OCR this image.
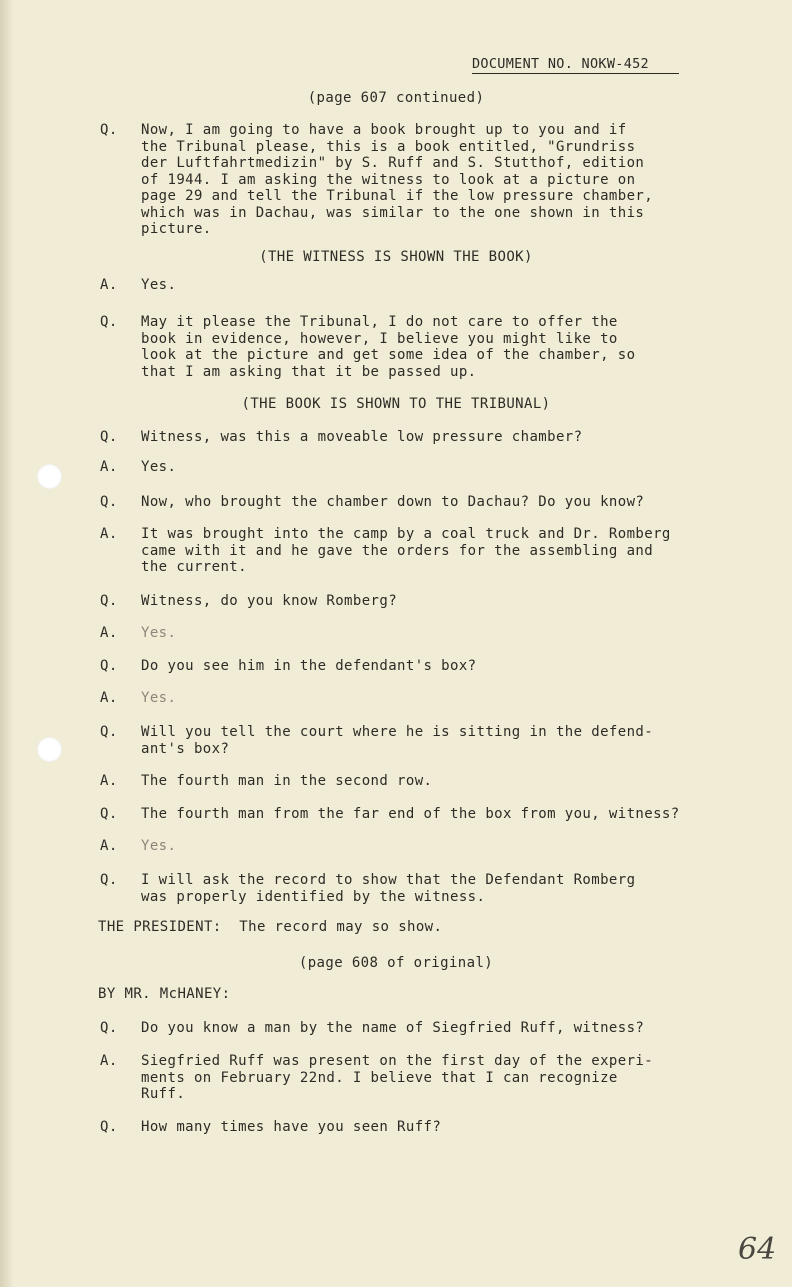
DOCUMENT NO. NOKW-452
(page 607 continued)
Q. Now, I am going to have a book brought up to you and if
the Tribunal please, this is a book entitled, "Grundriss
der Luftfahrtmedizin" by S. Ruff and S. Stutthof, edition
of 1944. I am asking the witness to look at a picture on
page 29 and tell the Tribunal if the low pressure chamber,
which was in Dachau, was similar to the one shown in this
picture.
(THE WITNESS IS SHOWN THE BOOK)
A. Yes.
Q. May it please the Tribunal, I do not care to offer the
book in evidence, however, I believe you might like to
look at the picture and get some idea of the chamber, so
that I am asking that it be passed up.
(THE BOOK IS SHOWN TO THE TRIBUNAL)
Q. Witness, was this a moveable low pressure chamber?
A. Yes.
Q. Now, who brought the chamber down to Dachau? Do you know?
A. It was brought into the camp by a coal truck and Dr. Romberg
came with it and he gave the orders for the assembling and
the current.
Q. Witness, do you know Romberg?
A. Yes.
Q. Do you see him in the defendant's box?
A. Yes.
Q. Will you tell the court where he is sitting in the defend-
ant's box?
A. The fourth man in the second row.
Q. The fourth man from the far end of the box from you, witness?
A. Yes.
Q. I will ask the record to show that the Defendant Romberg
was properly identified by the witness.
THE PRESIDENT: The record may so show.
(page 608 of original)
BY MR. McHANEY:
Q. Do you know a man by the name of Siegfried Ruff, witness?
A. Siegfried Ruff was present on the first day of the experi-
ments on February 22nd. I believe that I can recognize
Ruff.
Q. How many times have you seen Ruff?
64
